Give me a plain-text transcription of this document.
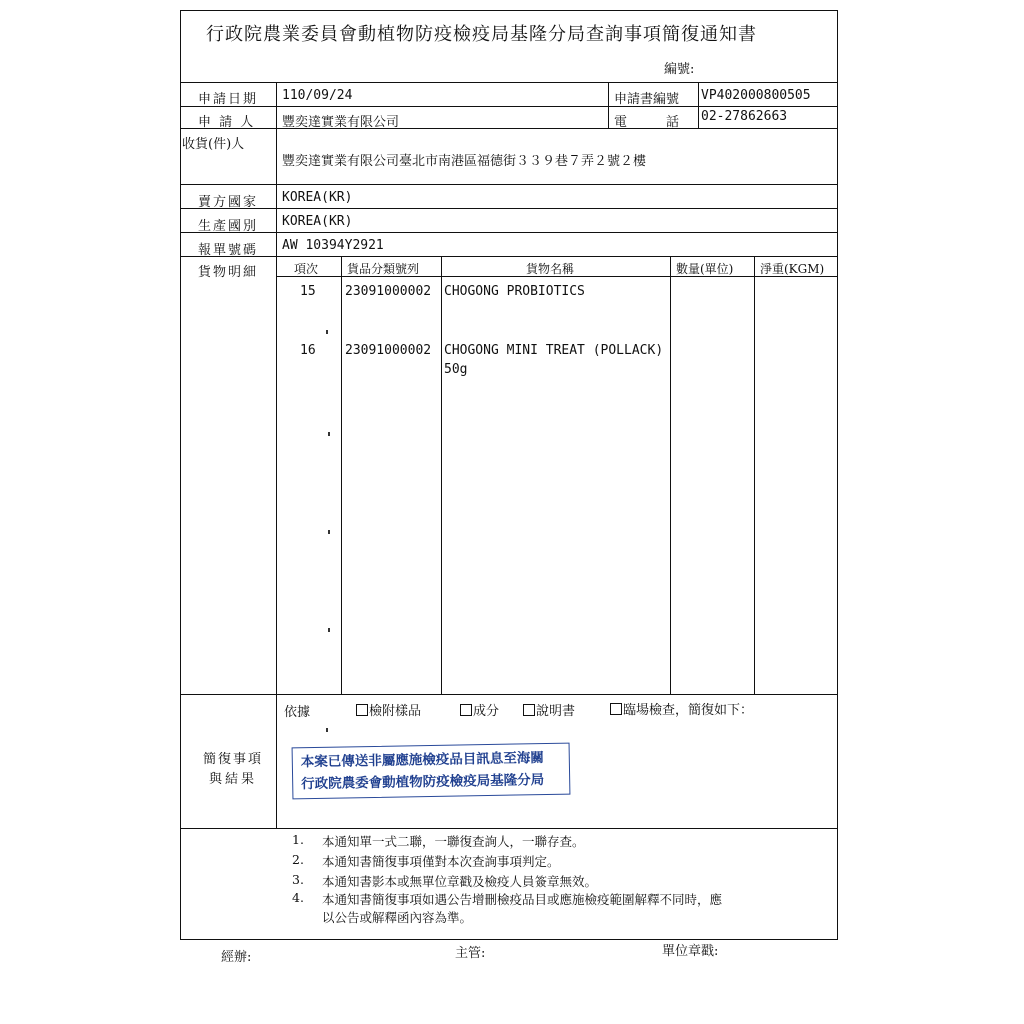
行政院農業委員會動植物防疫檢疫局基隆分局查詢事項簡復通知書
編號:
申請日期 110/09/24	申請書編號 VP402000800505
申 請 人 豐奕達實業有限公司	電　　　話 02-27862663
收貨(件)人
豐奕達實業有限公司臺北市南港區福德街３３９巷７弄２號２樓
賣方國家 KOREA(KR)
生產國別 KOREA(KR)
報單號碼 AW 10394Y2921
貨物明細	項次 貨品分類號列	貨物名稱	數量(單位) 淨重(KGM)
15 23091000002 CHOGONG PROBIOTICS
16 23091000002 CHOGONG MINI TREAT (POLLACK)
50g
依據	檢附樣品	成分	說明書	臨場檢查，簡復如下：
簡復事項
與結果
本案已傳送非屬應施檢疫品目訊息至海關
行政院農委會動植物防疫檢疫局基隆分局
1. 本通知單一式二聯，一聯復查詢人，一聯存查。
2. 本通知書簡復事項僅對本次查詢事項判定。
3. 本通知書影本或無單位章戳及檢疫人員簽章無效。
4. 本通知書簡復事項如遇公告增刪檢疫品目或應施檢疫範圍解釋不同時，應
以公告或解釋函內容為準。
經辦:	主管:	單位章戳:
